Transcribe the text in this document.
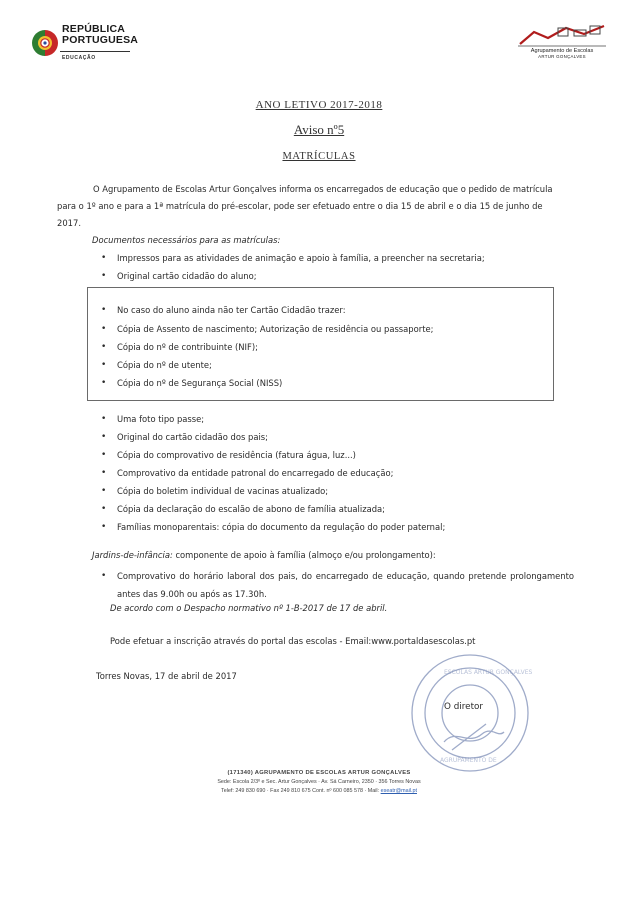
REPÚBLICA
PORTUGUESA
EDUCAÇÃO
Agrupamento de Escolas
ARTUR GONÇALVES
ANO LETIVO 2017-2018
Aviso nº5
MATRÍCULAS
O Agrupamento de Escolas Artur Gonçalves informa os encarregados de educação que o pedido de matrícula
para o 1º ano e para a 1ª matrícula do pré-escolar, pode ser efetuado entre o dia 15 de abril e o dia 15 de junho de
2017.
Documentos necessários para as matrículas:
• Impressos para as atividades de animação e apoio à família, a preencher na secretaria;
• Original cartão cidadão do aluno;
• No caso do aluno ainda não ter Cartão Cidadão trazer:
• Cópia de Assento de nascimento; Autorização de residência ou passaporte;
• Cópia do nº de contribuinte (NIF);
• Cópia do nº de utente;
• Cópia do nº de Segurança Social (NISS)
• Uma foto tipo passe;
• Original do cartão cidadão dos pais;
• Cópia do comprovativo de residência (fatura água, luz...)
• Comprovativo da entidade patronal do encarregado de educação;
• Cópia do boletim individual de vacinas atualizado;
• Cópia da declaração do escalão de abono de família atualizada;
• Famílias monoparentais: cópia do documento da regulação do poder paternal;
Jardins-de-infância: componente de apoio à família (almoço e/ou prolongamento):
• Comprovativo do horário laboral dos pais, do encarregado de educação, quando pretende prolongamento antes das 9.00h ou após as 17.30h.
De acordo com o Despacho normativo nº 1-B-2017 de 17 de abril.
Pode efetuar a inscrição através do portal das escolas - Email:www.portaldasescolas.pt
Torres Novas, 17 de abril de 2017	ESCOLAS ARTUR GONÇALVES
AGRUPAMENTO DE
O diretor
(171340) AGRUPAMENTO DE ESCOLAS ARTUR GONÇALVES
Sede: Escola 2/3º e Sec. Artur Gonçalves · Av. Sá Carneiro, 2350 · 356 Torres Novas
Telef: 249 830 690 · Fax 249 810 675 Cont. nº 600 085 578 · Mail: eseatr@mail.pt
